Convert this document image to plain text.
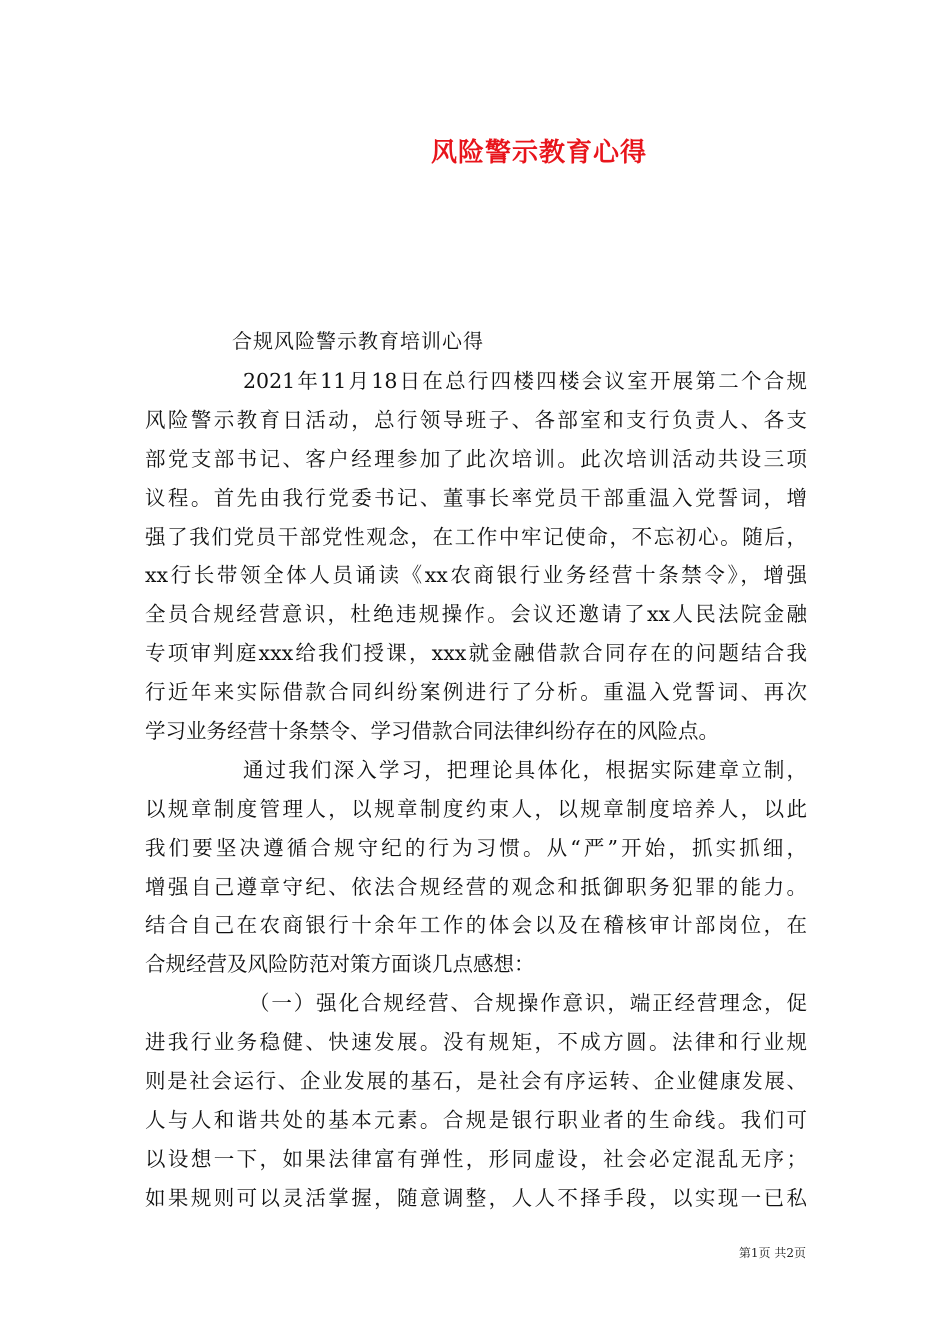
风险警示教育心得
合规风险警示教育培训心得
2021年11月18日在总行四楼四楼会议室开展第二个合规
风险警示教育日活动，总行领导班子、各部室和支行负责人、各支
部党支部书记、客户经理参加了此次培训。此次培训活动共设三项
议程。首先由我行党委书记、董事长率党员干部重温入党誓词，增
强了我们党员干部党性观念，在工作中牢记使命，不忘初心。随后，
xx行长带领全体人员诵读《xx农商银行业务经营十条禁令》，增强
全员合规经营意识，杜绝违规操作。会议还邀请了xx人民法院金融
专项审判庭xxx给我们授课，xxx就金融借款合同存在的问题结合我
行近年来实际借款合同纠纷案例进行了分析。重温入党誓词、再次
学习业务经营十条禁令、学习借款合同法律纠纷存在的风险点。
通过我们深入学习，把理论具体化，根据实际建章立制，
以规章制度管理人，以规章制度约束人，以规章制度培养人，以此
我们要坚决遵循合规守纪的行为习惯。从“严”开始，抓实抓细，
增强自己遵章守纪、依法合规经营的观念和抵御职务犯罪的能力。
结合自己在农商银行十余年工作的体会以及在稽核审计部岗位，在
合规经营及风险防范对策方面谈几点感想：
（一）强化合规经营、合规操作意识，端正经营理念，促
进我行业务稳健、快速发展。没有规矩，不成方圆。法律和行业规
则是社会运行、企业发展的基石，是社会有序运转、企业健康发展、
人与人和谐共处的基本元素。合规是银行职业者的生命线。我们可
以设想一下，如果法律富有弹性，形同虚设，社会必定混乱无序；
如果规则可以灵活掌握，随意调整，人人不择手段，以实现一已私
第1页 共2页
